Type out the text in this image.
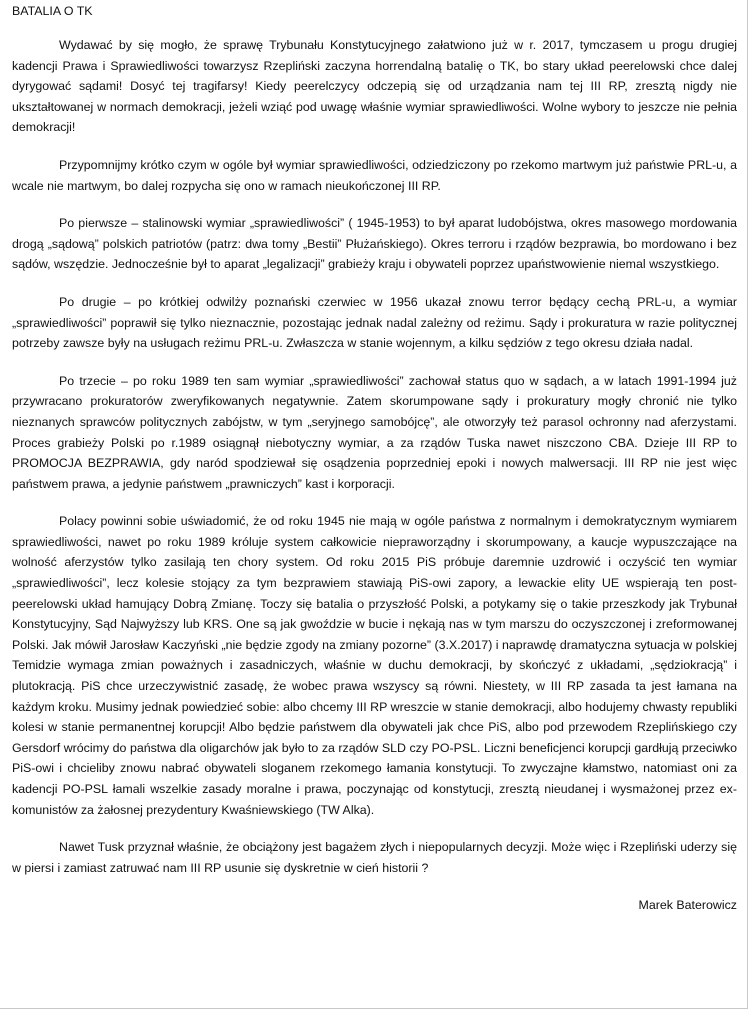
BATALIA O TK

Wydawać by się mogło, że sprawę Trybunału Konstytucyjnego załatwiono już w r. 2017, tymczasem u progu drugiej kadencji Prawa i Sprawiedliwości towarzysz Rzepliński zaczyna horrendalną batalię o TK, bo stary układ peerelowski chce dalej dyrygować sądami! Dosyć tej tragifarsy! Kiedy peerelczycy odczepią się od urządzania nam tej III RP, zresztą nigdy nie ukształtowanej w normach demokracji, jeżeli wziąć pod uwagę właśnie wymiar sprawiedliwości. Wolne wybory to jeszcze nie pełnia demokracji!

Przypomnijmy krótko czym w ogóle był wymiar sprawiedliwości, odziedziczony po rzekomo martwym już państwie PRL-u, a wcale nie martwym, bo dalej rozpycha się ono w ramach nieukończonej III RP.

Po pierwsze – stalinowski wymiar „sprawiedliwości” ( 1945-1953) to był aparat ludobójstwa, okres masowego mordowania drogą „sądową” polskich patriotów (patrz: dwa tomy „Bestii” Płużańskiego). Okres terroru i rządów bezprawia, bo mordowano i bez sądów, wszędzie. Jednocześnie był to aparat „legalizacji” grabieży kraju i obywateli poprzez upaństwowienie niemal wszystkiego.

Po drugie – po krótkiej odwilży poznański czerwiec w 1956 ukazał znowu terror będący cechą PRL-u, a wymiar „sprawiedliwości” poprawił się tylko nieznacznie, pozostając jednak nadal zależny od reżimu. Sądy i prokuratura w razie politycznej potrzeby zawsze były na usługach reżimu PRL-u. Zwłaszcza w stanie wojennym, a kilku sędziów z tego okresu działa nadal.

Po trzecie – po roku 1989 ten sam wymiar „sprawiedliwości” zachował status quo w sądach, a w latach 1991-1994 już przywracano prokuratorów zweryfikowanych negatywnie. Zatem skorumpowane sądy i prokuratury mogły chronić nie tylko nieznanych sprawców politycznych zabójstw, w tym „seryjnego samobójcę”, ale otworzyły też parasol ochronny nad aferzystami. Proces grabieży Polski po r.1989 osiągnął niebotyczny wymiar, a za rządów Tuska nawet niszczono CBA. Dzieje III RP to PROMOCJA BEZPRAWIA, gdy naród spodziewał się osądzenia poprzedniej epoki i nowych malwersacji. III RP nie jest więc państwem prawa, a jedynie państwem „prawniczych” kast i korporacji.

Polacy powinni sobie uświadomić, że od roku 1945 nie mają w ogóle państwa z normalnym i demokratycznym wymiarem sprawiedliwości, nawet po roku 1989 króluje system całkowicie niepraworządny i skorumpowany, a kaucje wypuszczające na wolność aferzystów tylko zasilają ten chory system. Od roku 2015 PiS próbuje daremnie uzdrowić i oczyścić ten wymiar „sprawiedliwości”, lecz kolesie stojący za tym bezprawiem stawiają PiS-owi zapory, a lewackie elity UE wspierają ten post-peerelowski układ hamujący Dobrą Zmianę. Toczy się batalia o przyszłość Polski, a potykamy się o takie przeszkody jak Trybunał Konstytucyjny, Sąd Najwyższy lub KRS. One są jak gwoździe w bucie i nękają nas w tym marszu do oczyszczonej i zreformowanej Polski. Jak mówił Jarosław Kaczyński „nie będzie zgody na zmiany pozorne” (3.X.2017) i naprawdę dramatyczna sytuacja w polskiej Temidzie wymaga zmian poważnych i zasadniczych, właśnie w duchu demokracji, by skończyć z układami, „sędziokracją” i plutokracją. PiS chce urzeczywistnić zasadę, że wobec prawa wszyscy są równi. Niestety, w III RP zasada ta jest łamana na każdym kroku. Musimy jednak powiedzieć sobie: albo chcemy III RP wreszcie w stanie demokracji, albo hodujemy chwasty republiki kolesi w stanie permanentnej korupcji! Albo będzie państwem dla obywateli jak chce PiS, albo pod przewodem Rzeplińskiego czy Gersdorf wrócimy do państwa dla oligarchów jak było to za rządów SLD czy PO-PSL. Liczni beneficjenci korupcji gardłują przeciwko PiS-owi i chcieliby znowu nabrać obywateli sloganem rzekomego łamania konstytucji. To zwyczajne kłamstwo, natomiast oni za kadencji PO-PSL łamali wszelkie zasady moralne i prawa, poczynając od konstytucji, zresztą nieudanej i wysmażonej przez ex-komunistów za żałosnej prezydentury Kwaśniewskiego (TW Alka).

Nawet Tusk przyznał właśnie, że obciążony jest bagażem złych i niepopularnych decyzji. Może więc i Rzepliński uderzy się w piersi i zamiast zatruwać nam III RP usunie się dyskretnie w cień historii ?

Marek Baterowicz
